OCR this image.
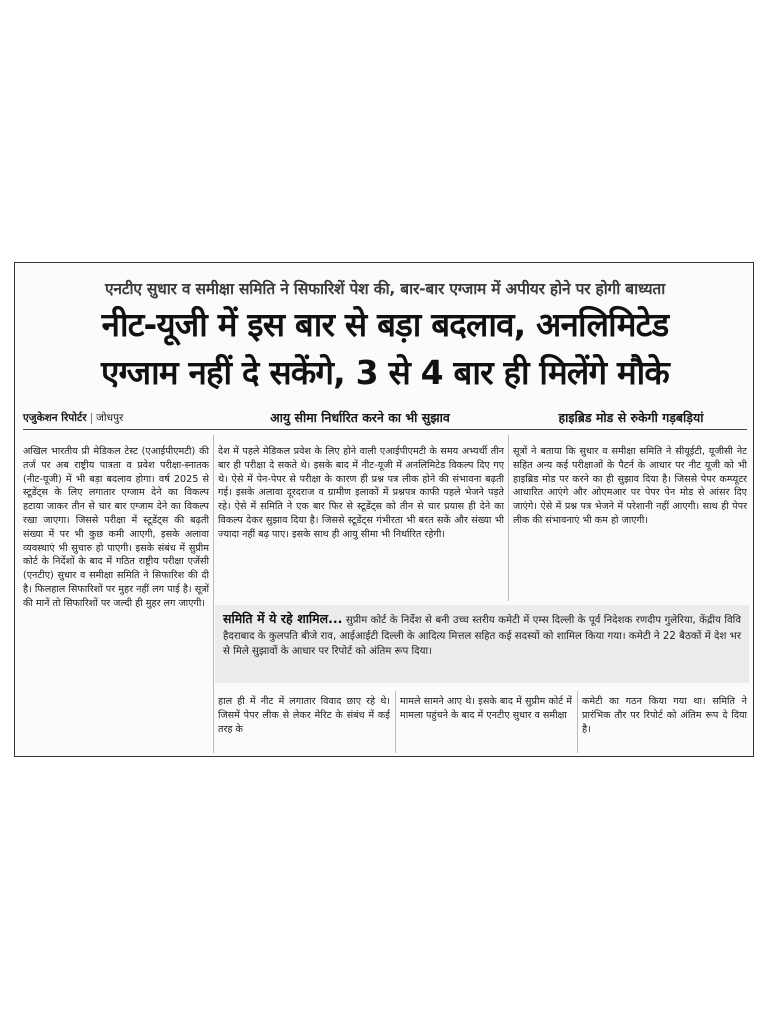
एनटीए सुधार व समीक्षा समिति ने सिफारिशें पेश की, बार-बार एग्जाम में अपीयर होने पर होगी बाध्यता
नीट-यूजी में इस बार से बड़ा बदलाव, अनलिमिटेड
एग्जाम नहीं दे सकेंगे, 3 से 4 बार ही मिलेंगे मौके
एजुकेशन रिपोर्टर | जोधपुर	आयु सीमा निर्धारित करने का भी सुझाव	हाइब्रिड मोड से रुकेगी गड़बड़ियां
अखिल भारतीय प्री मेडिकल टेस्ट (एआईपीएमटी) की तर्ज पर अब राष्ट्रीय पात्रता व प्रवेश परीक्षा-स्नातक (नीट-यूजी) में भी बड़ा बदलाव होगा। वर्ष 2025 से स्टूडेंट्स के लिए लगातार एग्जाम देने का विकल्प हटाया जाकर तीन से चार बार एग्जाम देने का विकल्प रखा जाएगा। जिससे परीक्षा में स्टूडेंट्स की बढ़ती संख्या में पर भी कुछ कमी आएगी, इसके अलावा व्यवस्थाएं भी सुचारु हो पाएगी। इसके संबंध में सुप्रीम कोर्ट के निर्देशों के बाद में गठित राष्ट्रीय परीक्षा एजेंसी (एनटीए) सुधार व समीक्षा समिति ने सिफारिश की दी है। फिलहाल सिफारिशों पर मुहर नहीं लग पाई है। सूत्रों की मानें तो सिफारिशों पर जल्दी ही मुहर लग जाएगी।
देश में पहले मेडिकल प्रवेश के लिए होने वाली एआईपीएमटी के समय अभ्यर्थी तीन बार ही परीक्षा दे सकते थे। इसके बाद में नीट-यूजी में अनलिमिटेड विकल्प दिए गए थे। ऐसे में पेन-पेपर से परीक्षा के कारण ही प्रश्न पत्र लीक होने की संभावना बढ़ती गई। इसके अलावा दूरदराज व ग्रामीण इलाकों में प्रश्नपत्र काफी पहले भेजने पड़ते रहे। ऐसे में समिति ने एक बार फिर से स्टूडेंट्स को तीन से चार प्रयास ही देने का विकल्प देकर सुझाव दिया है। जिससे स्टूडेंट्स गंभीरता भी बरत सकें और संख्या भी ज्यादा नहीं बढ़ पाए। इसके साथ ही आयु सीमा भी निर्धारित रहेगी।
सूत्रों ने बताया कि सुधार व समीक्षा समिति ने सीयूईटी, यूजीसी नेट सहित अन्य कई परीक्षाओं के पैटर्न के आधार पर नीट यूजी को भी हाइब्रिड मोड पर करने का ही सुझाव दिया है। जिससे पेपर कम्प्यूटर आधारित आएंगे और ओएमआर पर पेपर पेन मोड से आंसर दिए जाएंगे। ऐसे में प्रश्न पत्र भेजने में परेशानी नहीं आएगी। साथ ही पेपर लीक की संभावनाएं भी कम हो जाएगी।
समिति में ये रहे शामिल... सुप्रीम कोर्ट के निर्देश से बनी उच्च स्तरीय कमेटी में एम्स दिल्ली के पूर्व निदेशक रणदीप गुलेरिया, केंद्रीय विवि हैदराबाद के कुलपति बीजे राव, आईआईटी दिल्ली के आदित्य मित्तल सहित कई सदस्यों को शामिल किया गया। कमेटी ने 22 बैठकों में देश भर से मिले सुझावों के आधार पर रिपोर्ट को अंतिम रूप दिया।
हाल ही में नीट में लगातार विवाद छाए रहे थे। जिसमें पेपर लीक से लेकर मेरिट के संबंध में कई तरह के
मामले सामने आए थे। इसके बाद में सुप्रीम कोर्ट में मामला पहुंचने के बाद में एनटीए सुधार व समीक्षा
कमेटी का गठन किया गया था। समिति ने प्रारंभिक तौर पर रिपोर्ट को अंतिम रूप दे दिया है।
